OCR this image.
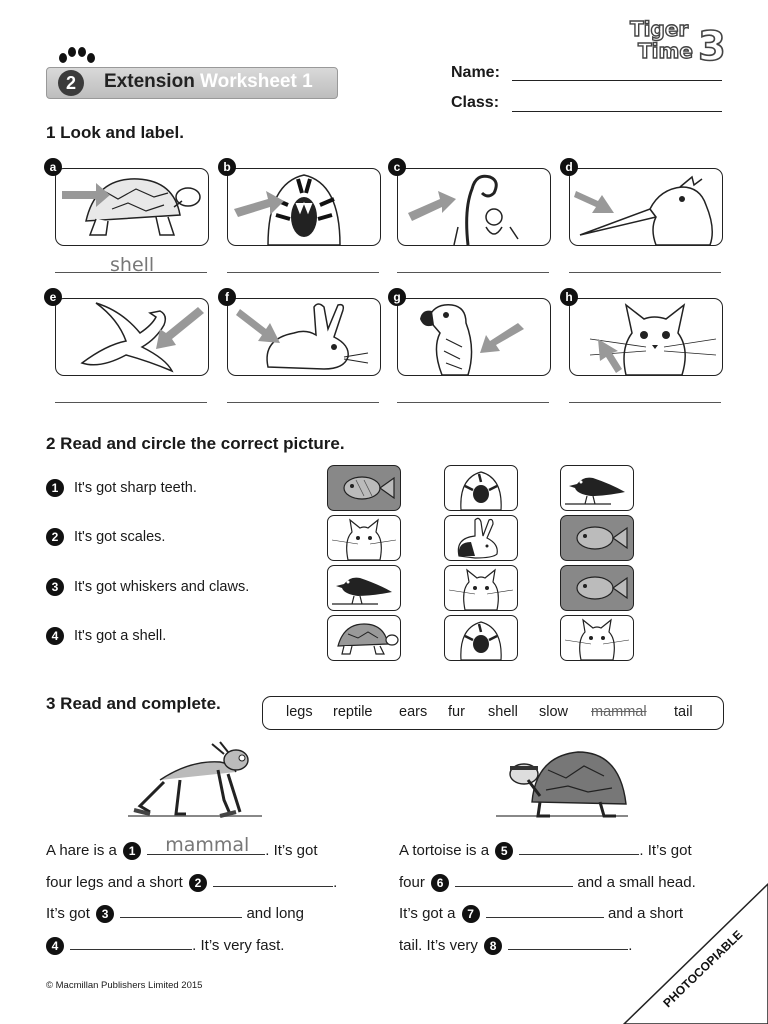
Tiger
Time 3
2	Extension Worksheet 1	Name:
Class:
1 Look and label.
shell
a	b	c	d
e	f	g	h
2 Read and circle the correct picture.
1	It's got sharp teeth.
2	It's got scales.
3	It's got whiskers and claws.
4	It's got a shell.
3 Read and complete.	legs reptile ears fur shell slow mammal tail
A hare is a 1 mammal . It’s got
four legs and a short 2	.
It’s got 3	and long
4	. It’s very fast.
A tortoise is a 5	. It’s got
four 6	and a small head.
It’s got a 7	and a short
tail. It’s very 8	.
© Macmillan Publishers Limited 2015	PHOTOCOPIABLE
